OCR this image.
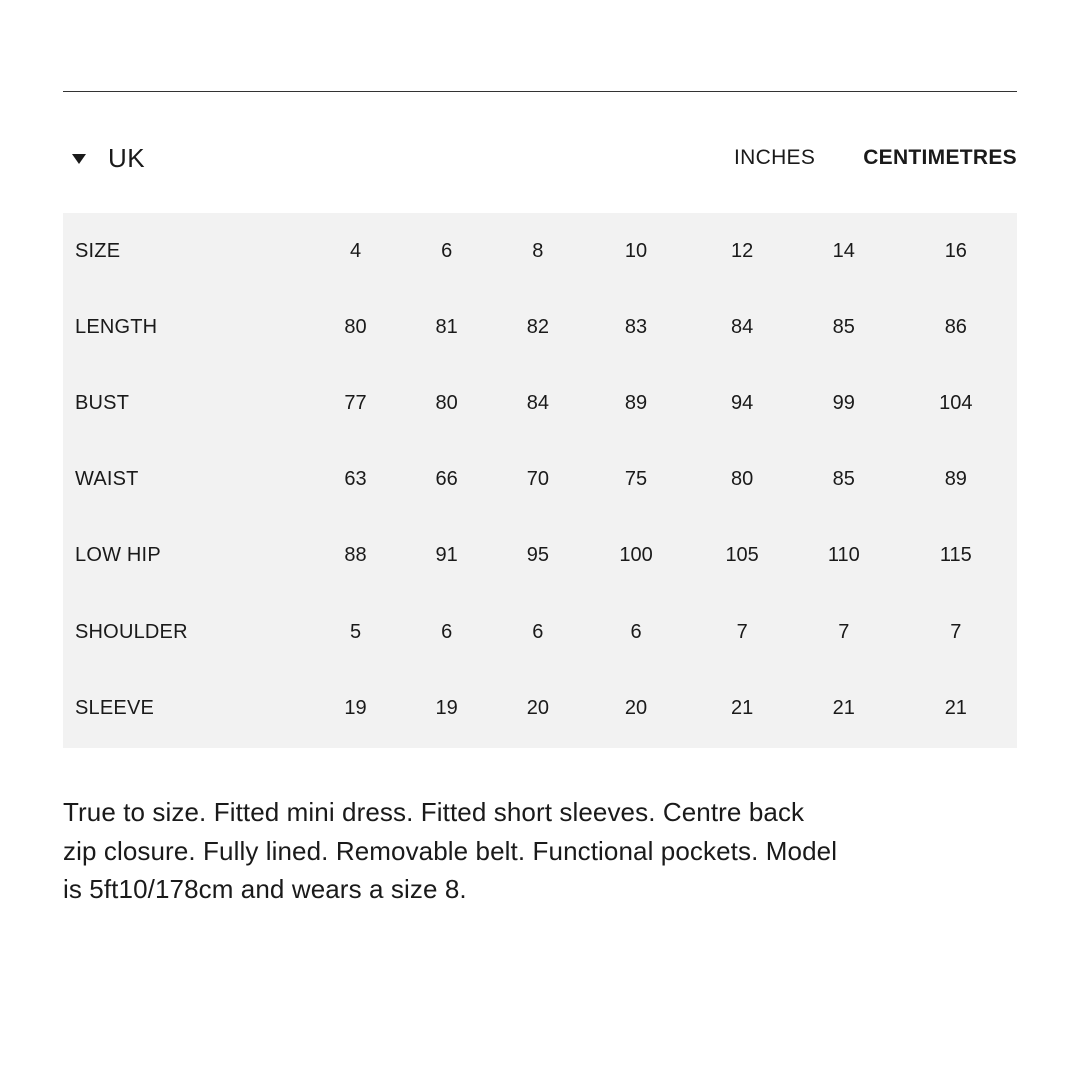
UK	INCHES CENTIMETRES
SIZE	4	6	8	10	12	14	16
LENGTH	80	81	82	83	84	85	86
BUST	77	80	84	89	94	99	104
WAIST	63	66	70	75	80	85	89
LOW HIP	88	91	95	100	105	110	115
SHOULDER	5	6	6	6	7	7	7
SLEEVE	19	19	20	20	21	21	21

True to size. Fitted mini dress. Fitted short sleeves. Centre back zip closure. Fully lined. Removable belt. Functional pockets. Model is 5ft10/178cm and wears a size 8.
